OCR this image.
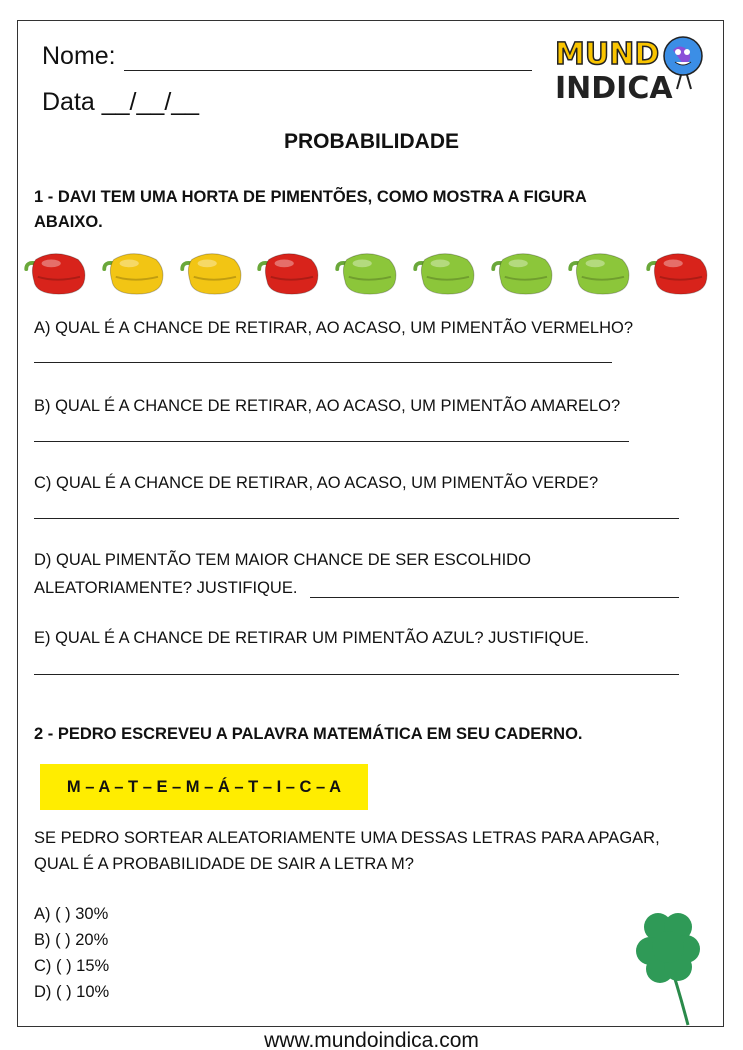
Nome:
Data __/__/__
MUND
INDICA
PROBABILIDADE
1 - DAVI TEM UMA HORTA DE PIMENTÕES, COMO MOSTRA A FIGURA
ABAIXO.
A) QUAL É A CHANCE DE RETIRAR, AO ACASO, UM PIMENTÃO VERMELHO?
B) QUAL É A CHANCE DE RETIRAR, AO ACASO, UM PIMENTÃO AMARELO?
C) QUAL É A CHANCE DE RETIRAR, AO ACASO, UM PIMENTÃO VERDE?
D) QUAL PIMENTÃO TEM MAIOR CHANCE DE SER ESCOLHIDO
ALEATORIAMENTE? JUSTIFIQUE.
E) QUAL É A CHANCE DE RETIRAR UM PIMENTÃO AZUL? JUSTIFIQUE.
2 - PEDRO ESCREVEU A PALAVRA MATEMÁTICA EM SEU CADERNO.
M – A – T – E – M – Á – T – I – C – A
SE PEDRO SORTEAR ALEATORIAMENTE UMA DESSAS LETRAS PARA APAGAR,
QUAL É A PROBABILIDADE DE SAIR A LETRA M?
A) ( ) 30%
B) ( ) 20%
C) ( ) 15%
D) ( ) 10%
www.mundoindica.com
